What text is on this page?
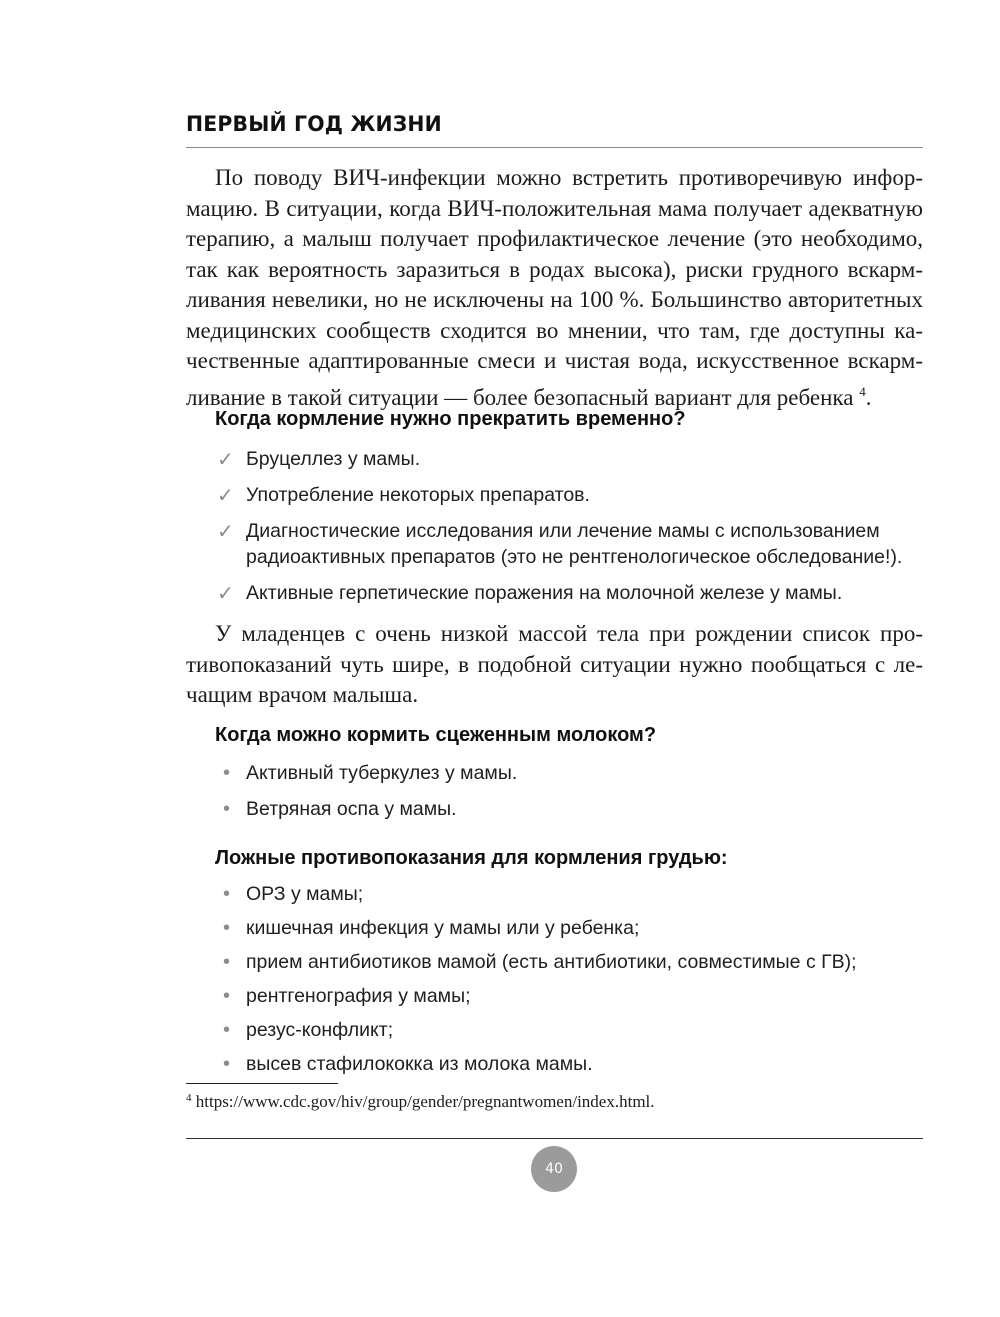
ПЕРВЫЙ ГОД ЖИЗНИ
По поводу ВИЧ-инфекции можно встретить противоречивую инфор-
мацию. В ситуации, когда ВИЧ-положительная мама получает адекватную
терапию, а малыш получает профилактическое лечение (это необходимо,
так как вероятность заразиться в родах высока), риски грудного вскарм-
ливания невелики, но не исключены на 100 %. Большинство авторитетных
медицинских сообществ сходится во мнении, что там, где доступны ка-
чественные адаптированные смеси и чистая вода, искусственное вскарм-
ливание в такой ситуации — более безопасный вариант для ребенка $^4$.
Когда кормление нужно прекратить временно?
✓ Бруцеллез у мамы.
✓ Употребление некоторых препаратов.
✓ Диагностические исследования или лечение мамы с использованием
радиоактивных препаратов (это не рентгенологическое обследование!).
✓ Активные герпетические поражения на молочной железе у мамы.
У младенцев с очень низкой массой тела при рождении список про-
тивопоказаний чуть шире, в подобной ситуации нужно пообщаться с ле-
чащим врачом малыша.
Когда можно кормить сцеженным молоком?
• Активный туберкулез у мамы.
• Ветряная оспа у мамы.
Ложные противопоказания для кормления грудью:
• ОРЗ у мамы;
• кишечная инфекция у мамы или у ребенка;
• прием антибиотиков мамой (есть антибиотики, совместимые с ГВ);
• рентгенография у мамы;
• резус-конфликт;
• высев стафилококка из молока мамы.
$^4$ https://www.cdc.gov/hiv/group/gender/pregnantwomen/index.html.
40
